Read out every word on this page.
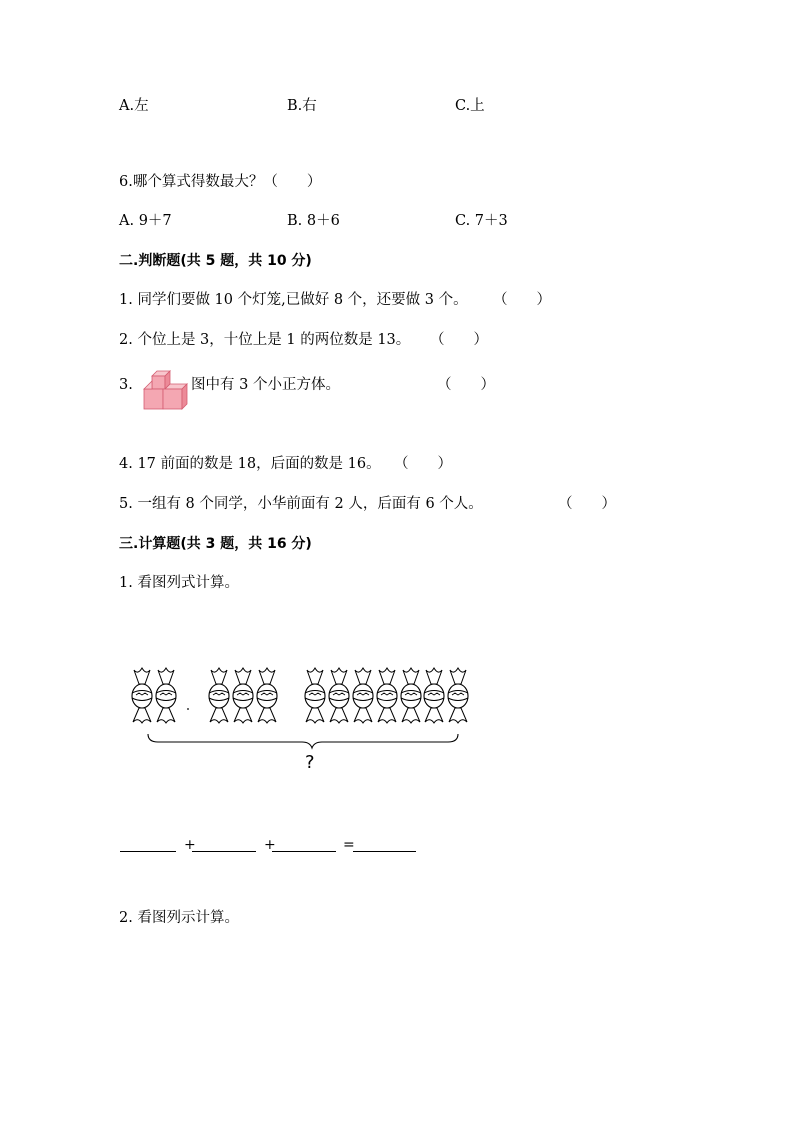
A.左	B.右	C.上
6.哪个算式得数最大？（　　）
A. 9＋7	B. 8＋6	C. 7＋3
二.判断题(共 5 题，共 10 分)
1. 同学们要做 10 个灯笼,已做好 8 个，还要做 3 个。 （　　）
2. 个位上是 3，十位上是 1 的两位数是 13。 （　　）
3.	图中有 3 个小正方体。	（　　）
4. 17 前面的数是 18，后面的数是 16。 （　　）
5. 一组有 8 个同学，小华前面有 2 人，后面有 6 个人。	（　　）
三.计算题(共 3 题，共 16 分)
1. 看图列式计算。
?
+	+	=
2. 看图列示计算。
